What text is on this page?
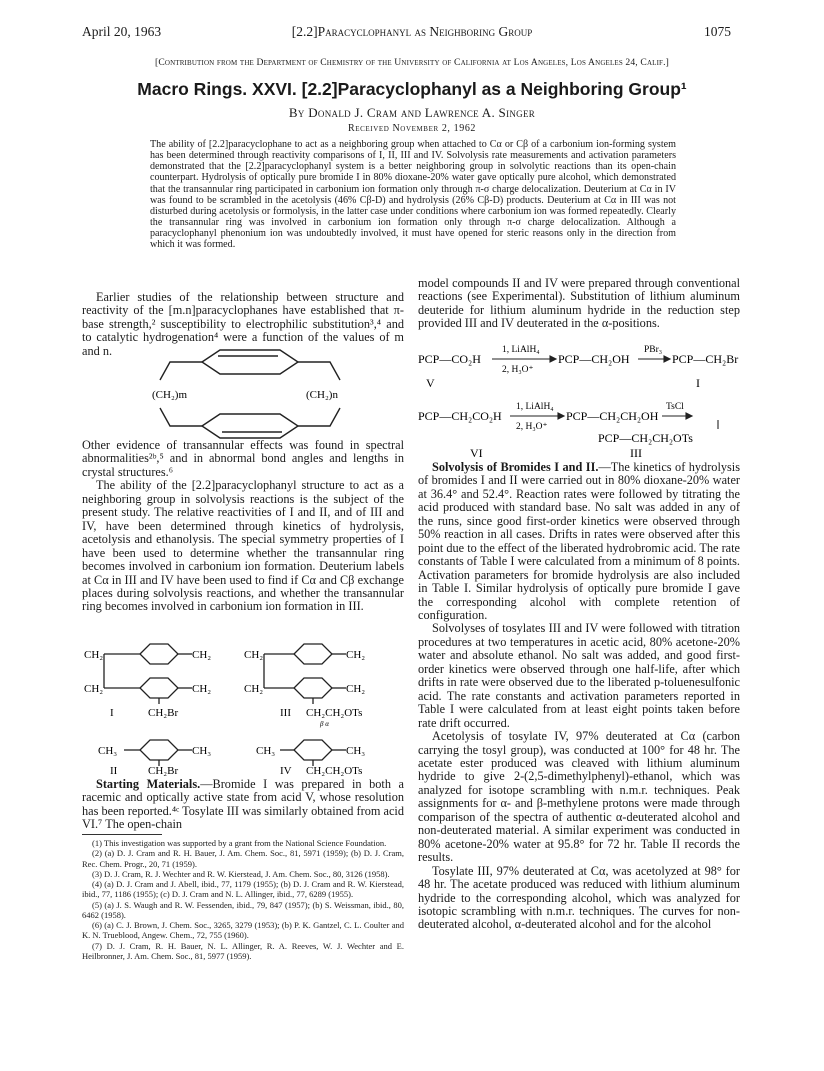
April 20, 1963	[2.2]Paracyclophanyl as Neighboring Group	1075
[Contribution from the Department of Chemistry of the University of California at Los Angeles, Los Angeles 24, Calif.]
Macro Rings. XXVI. [2.2]Paracyclophanyl as a Neighboring Group¹
By Donald J. Cram and Lawrence A. Singer
Received November 2, 1962
The ability of [2.2]paracyclophane to act as a neighboring group when attached to Cα or Cβ of a carbonium ion-forming system has been determined through reactivity comparisons of I, II, III and IV. Solvolysis rate measurements and activation parameters demonstrated that the [2.2]paracyclophanyl system is a better neighboring group in solvolytic reactions than its open-chain counterpart. Hydrolysis of optically pure bromide I in 80% dioxane-20% water gave optically pure alcohol, which demonstrated that the transannular ring participated in carbonium ion formation only through π-σ charge delocalization. Deuterium at Cα in IV was found to be scrambled in the acetolysis (46% Cβ-D) and hydrolysis (26% Cβ-D) products. Deuterium at Cα in III was not disturbed during acetolysis or formolysis, in the latter case under conditions where carbonium ion was formed repeatedly. Clearly the transannular ring was involved in carbonium ion formation only through π-σ charge delocalization. Although a paracyclophanyl phenonium ion was undoubtedly involved, it must have opened for steric reasons only in the direction from which it was formed.

Earlier studies of the relationship between structure and reactivity of the [m.n]paracyclophanes have established that π-base strength,² susceptibility to electrophilic substitution³,⁴ and to catalytic hydrogenation⁴ were a function of the values of m and n.

(CH₂)m	(CH₂)n

Other evidence of transannular effects was found in spectral abnormalities²ᵇ,⁵ and in abnormal bond angles and lengths in crystal structures.⁶

The ability of the [2.2]paracyclophanyl structure to act as a neighboring group in solvolysis reactions is the subject of the present study. The relative reactivities of I and II, and of III and IV, have been determined through kinetics of hydrolysis, acetolysis and ethanolysis. The special symmetry properties of I have been used to determine whether the transannular ring becomes involved in carbonium ion formation. Deuterium labels at Cα in III and IV have been used to find if Cα and Cβ exchange places during solvolysis reactions, and whether the transannular ring becomes involved in carbonium ion formation in III.

CH₂
CH₂
CH₂
CH₂
CH₂Br
I
CH₂
CH₂
CH₂
CH₂
CH₂CH₂OTs
β α
III
CH₃	CH₃
CH₂Br
II
CH₃	CH₃
CH₂CH₂OTs
IV

Starting Materials.—Bromide I was prepared in both a racemic and optically active state from acid V, whose resolution has been reported.⁴ᶜ Tosylate III was similarly obtained from acid VI.⁷ The open-chain

(1) This investigation was supported by a grant from the National Science Foundation.

(2) (a) D. J. Cram and R. H. Bauer, J. Am. Chem. Soc., 81, 5971 (1959); (b) D. J. Cram, Rec. Chem. Progr., 20, 71 (1959).

(3) D. J. Cram, R. J. Wechter and R. W. Kierstead, J. Am. Chem. Soc., 80, 3126 (1958).

(4) (a) D. J. Cram and J. Abell, ibid., 77, 1179 (1955); (b) D. J. Cram and R. W. Kierstead, ibid., 77, 1186 (1955); (c) D. J. Cram and N. L. Allinger, ibid., 77, 6289 (1955).

(5) (a) J. S. Waugh and R. W. Fessenden, ibid., 79, 847 (1957); (b) S. Weissman, ibid., 80, 6462 (1958).

(6) (a) C. J. Brown, J. Chem. Soc., 3265, 3279 (1953); (b) P. K. Gantzel, C. L. Coulter and K. N. Trueblood, Angew. Chem., 72, 755 (1960).

(7) D. J. Cram, R. H. Bauer, N. L. Allinger, R. A. Reeves, W. J. Wechter and E. Heilbronner, J. Am. Chem. Soc., 81, 5977 (1959).

model compounds II and IV were prepared through conventional reactions (see Experimental). Substitution of lithium aluminum deuteride for lithium aluminum hydride in the reduction step provided III and IV deuterated in the α-positions.

PCP—CO₂H
1, LiAlH₄
2, H₃O⁺
PCP—CH₂OH
PBr₃
PCP—CH₂Br
V	I
PCP—CH₂CO₂H
1, LiAlH₄
2, H₃O⁺
PCP—CH₂CH₂OH
TsCl
PCP—CH₂CH₂OTs
VI	III

Solvolysis of Bromides I and II.—The kinetics of hydrolysis of bromides I and II were carried out in 80% dioxane-20% water at 36.4° and 52.4°. Reaction rates were followed by titrating the acid produced with standard base. No salt was added in any of the runs, since good first-order kinetics were observed through 50% reaction in all cases. Drifts in rates were observed after this point due to the effect of the liberated hydrobromic acid. The rate constants of Table I were calculated from a minimum of 8 points. Activation parameters for bromide hydrolysis are also included in Table I. Similar hydrolysis of optically pure bromide I gave the corresponding alcohol with complete retention of configuration.

Solvolyses of tosylates III and IV were followed with titration procedures at two temperatures in acetic acid, 80% acetone-20% water and absolute ethanol. No salt was added, and good first-order kinetics were observed through one half-life, after which drifts in rate were observed due to the liberated p-toluenesulfonic acid. The rate constants and activation parameters reported in Table I were calculated from at least eight points taken before rate drift occurred.

Acetolysis of tosylate IV, 97% deuterated at Cα (carbon carrying the tosyl group), was conducted at 100° for 48 hr. The acetate ester produced was cleaved with lithium aluminum hydride to give 2-(2,5-dimethylphenyl)-ethanol, which was analyzed for isotope scrambling with n.m.r. techniques. Peak assignments for α- and β-methylene protons were made through comparison of the spectra of authentic α-deuterated alcohol and non-deuterated material. A similar experiment was conducted in 80% acetone-20% water at 95.8° for 72 hr. Table II records the results.

Tosylate III, 97% deuterated at Cα, was acetolyzed at 98° for 48 hr. The acetate produced was reduced with lithium aluminum hydride to the corresponding alcohol, which was analyzed for isotopic scrambling with n.m.r. techniques. The curves for non-deuterated alcohol, α-deuterated alcohol and for the alcohol
